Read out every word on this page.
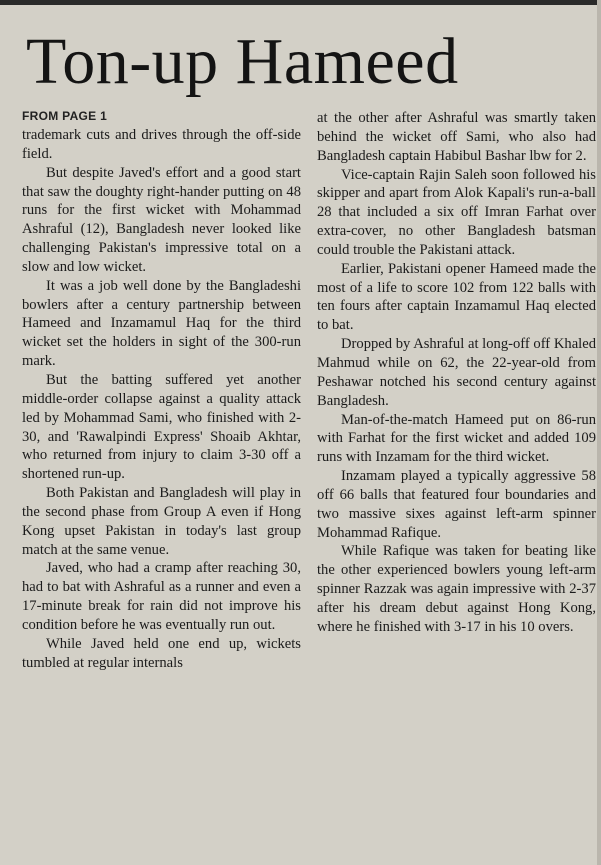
Ton-up Hameed
FROM PAGE 1

trademark cuts and drives through the off-side field.

But despite Javed's effort and a good start that saw the doughty right-hander putting on 48 runs for the first wicket with Mohammad Ashraful (12), Bangladesh never looked like challenging Pakistan's impressive total on a slow and low wicket.

It was a job well done by the Bangladeshi bowlers after a century partnership between Hameed and Inzamamul Haq for the third wicket set the holders in sight of the 300-run mark.

But the batting suffered yet another middle-order collapse against a quality attack led by Mohammad Sami, who finished with 2-30, and 'Rawalpindi Express' Shoaib Akhtar, who returned from injury to claim 3-30 off a shortened run-up.

Both Pakistan and Bangladesh will play in the second phase from Group A even if Hong Kong upset Pakistan in today's last group match at the same venue.

Javed, who had a cramp after reaching 30, had to bat with Ashraful as a runner and even a 17-minute break for rain did not improve his condition before he was eventually run out.

While Javed held one end up, wickets tumbled at regular internals

at the other after Ashraful was smartly taken behind the wicket off Sami, who also had Bangladesh captain Habibul Bashar lbw for 2.

Vice-captain Rajin Saleh soon followed his skipper and apart from Alok Kapali's run-a-ball 28 that included a six off Imran Farhat over extra-cover, no other Bangladesh batsman could trouble the Pakistani attack.

Earlier, Pakistani opener Hameed made the most of a life to score 102 from 122 balls with ten fours after captain Inzamamul Haq elected to bat.

Dropped by Ashraful at long-off off Khaled Mahmud while on 62, the 22-year-old from Peshawar notched his second century against Bangladesh.

Man-of-the-match Hameed put on 86-run with Farhat for the first wicket and added 109 runs with Inzamam for the third wicket.

Inzamam played a typically aggressive 58 off 66 balls that featured four boundaries and two massive sixes against left-arm spinner Mohammad Rafique.

While Rafique was taken for beating like the other experienced bowlers young left-arm spinner Razzak was again impressive with 2-37 after his dream debut against Hong Kong, where he finished with 3-17 in his 10 overs.
